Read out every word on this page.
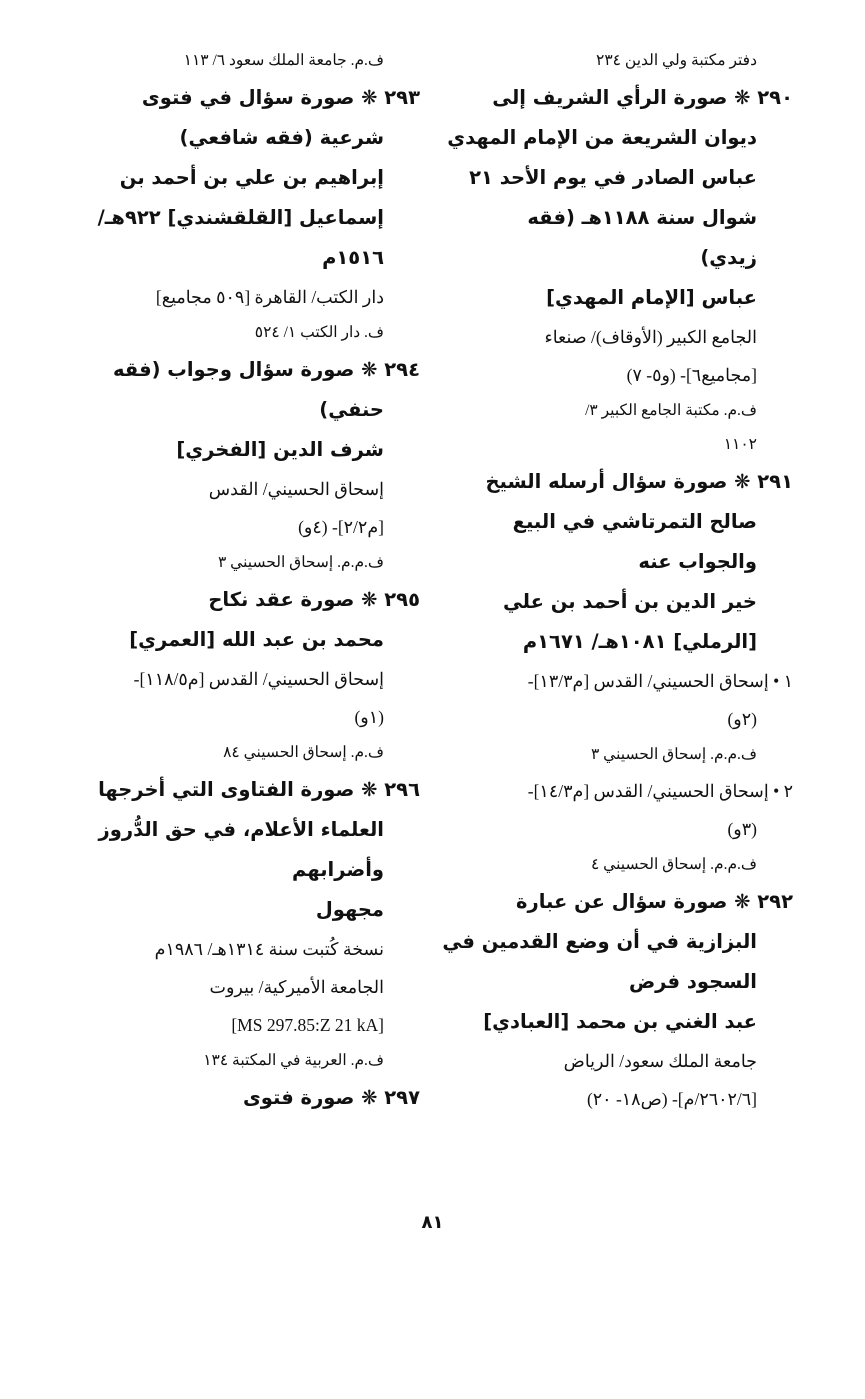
دفتر مكتبة ولي الدين ٢٣٤
٢٩٠ ❋ صورة الرأي الشريف إلى
ديوان الشريعة من الإمام المهدي
عباس الصادر في يوم الأحد ٢١
شوال سنة ١١٨٨هـ (فقه
زيدي)
عباس [الإمام المهدي]
الجامع الكبير (الأوقاف)/ صنعاء
[مجاميع٦]- (و٥- ٧)
ف.م. مكتبة الجامع الكبير ٣/
١١٠٢
٢٩١ ❋ صورة سؤال أرسله الشيخ
صالح التمرتاشي في البيع
والجواب عنه
خير الدين بن أحمد بن علي
[الرملي] ١٠٨١هـ/ ١٦٧١م
١ • إسحاق الحسيني/ القدس [م١٣/٣]-
(٢و)
ف.م.م. إسحاق الحسيني ٣
٢ • إسحاق الحسيني/ القدس [م١٤/٣]-
(٣و)
ف.م.م. إسحاق الحسيني ٤
٢٩٢ ❋ صورة سؤال عن عبارة
البزازية في أن وضع القدمين في
السجود فرض
عبد الغني بن محمد [العبادي]
جامعة الملك سعود/ الرياض
[٢٦٠٢/٦/م]- (ص١٨- ٢٠)
ف.م. جامعة الملك سعود ٦/ ١١٣
٢٩٣ ❋ صورة سؤال في فتوى
شرعية (فقه شافعي)
إبراهيم بن علي بن أحمد بن
إسماعيل [القلقشندي] ٩٢٢هـ/
١٥١٦م
دار الكتب/ القاهرة [٥٠٩ مجاميع]
ف. دار الكتب ١/ ٥٢٤
٢٩٤ ❋ صورة سؤال وجواب (فقه
حنفي)
شرف الدين [الفخري]
إسحاق الحسيني/ القدس
[م٢/٢]- (٤و)
ف.م.م. إسحاق الحسيني ٣
٢٩٥ ❋ صورة عقد نكاح
محمد بن عبد الله [العمري]
إسحاق الحسيني/ القدس [م١١٨/٥]-
(١و)
ف.م. إسحاق الحسيني ٨٤
٢٩٦ ❋ صورة الفتاوى التي أخرجها
العلماء الأعلام، في حق الدُّروز
وأضرابهم
مجهول
نسخة كُتبت سنة ١٣١٤هـ/ ١٩٨٦م
الجامعة الأميركية/ بيروت
[MS 297.85:Z 21 kA]
ف.م. العربية في المكتبة ١٣٤
٢٩٧ ❋ صورة فتوى
٨١
